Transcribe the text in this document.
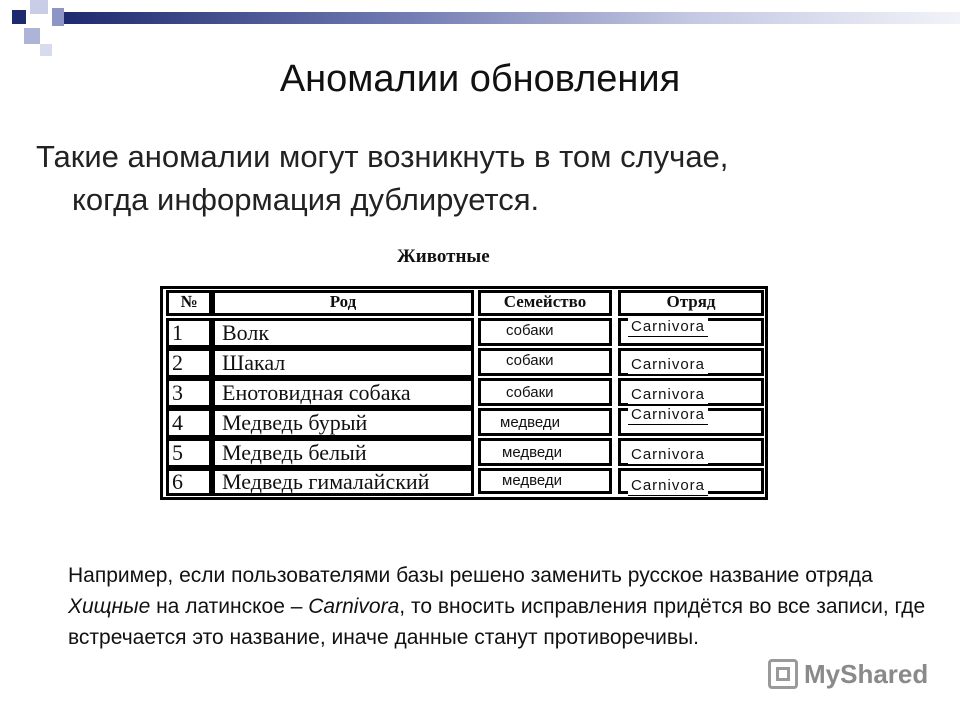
Аномалии обновления
Такие аномалии могут возникнуть в том случае,
когда информация дублируется.
Животные
№	Род	Семейство	Отряд
1 Волк	собаки	Carnivora
2 Шакал	собаки	Carnivora
3 Енотовидная собака	собаки	Carnivora
4 Медведь бурый	медведи	Carnivora
5 Медведь белый	медведи	Carnivora
6 Медведь гималайский	медведи	Carnivora
Например, если пользователями базы решено заменить русское название отряда Хищные на латинское – Carnivora, то вносить исправления придётся во все записи, где встречается это название, иначе данные станут противоречивы.
MyShared
